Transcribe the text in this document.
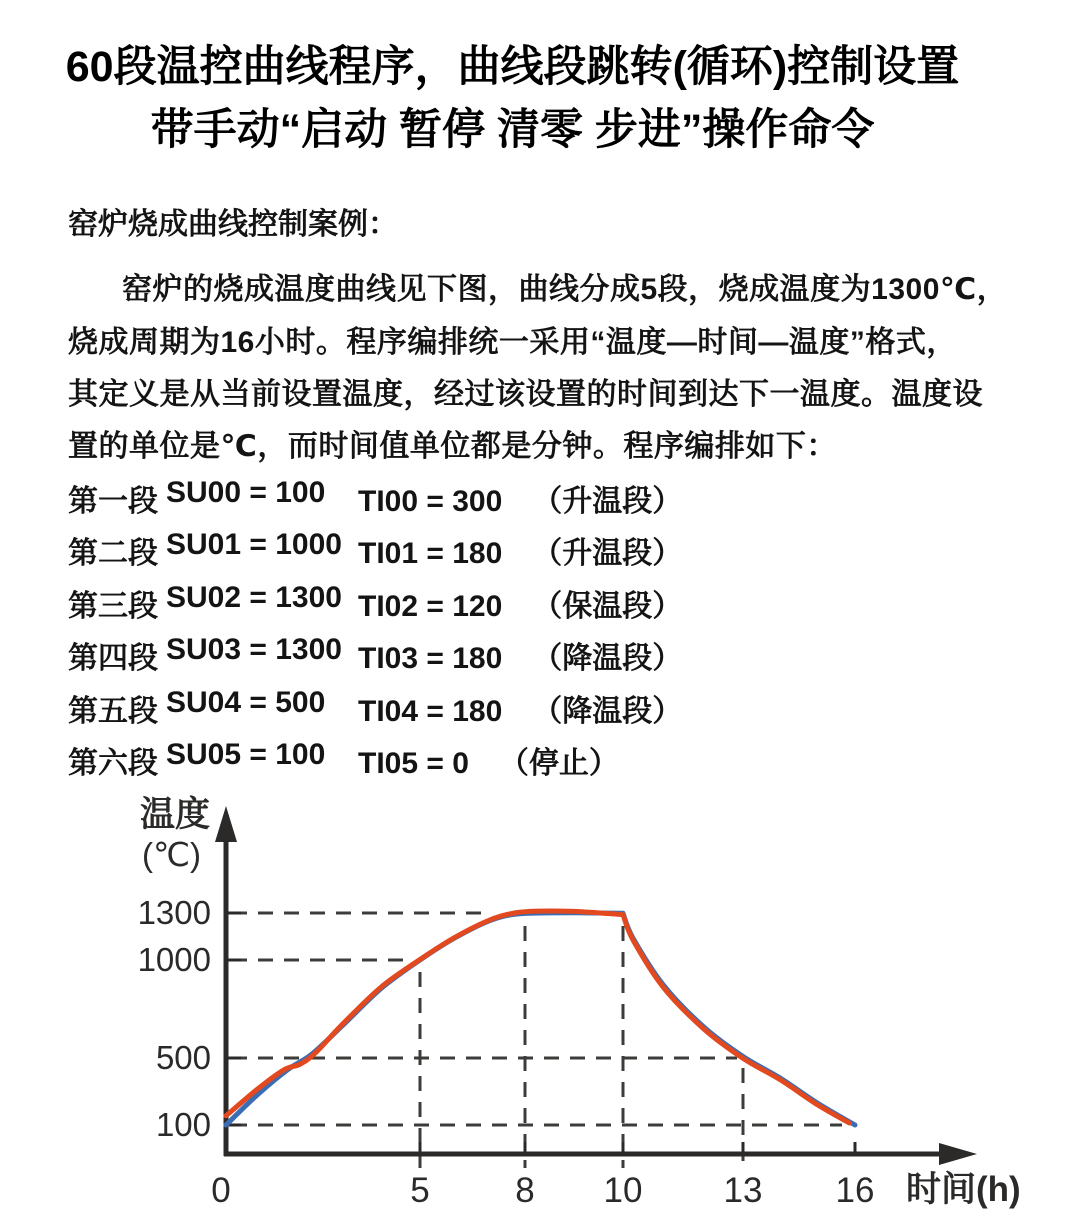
60段温控曲线程序，曲线段跳转(循环)控制设置
带手动“启动 暂停 清零 步进”操作命令
窑炉烧成曲线控制案例：
窑炉的烧成温度曲线见下图，曲线分成5段，烧成温度为1300℃，
烧成周期为16小时。程序编排统一采用“温度—时间—温度”格式，
其定义是从当前设置温度，经过该设置的时间到达下一温度。温度设
置的单位是℃，而时间值单位都是分钟。程序编排如下：
第一段 SU00 = 100 TI00 = 300 （升温段）
第二段 SU01 = 1000 TI01 = 180 （升温段）
第三段 SU02 = 1300 TI02 = 120 （保温段）
第四段 SU03 = 1300 TI03 = 180 （降温段）
第五段 SU04 = 500 TI04 = 180 （降温段）
第六段 SU05 = 100 TI05 = 0 （停止）
温度
(℃)
1300
1000
500
100
0	5 8 10 13 16 时间(h)
